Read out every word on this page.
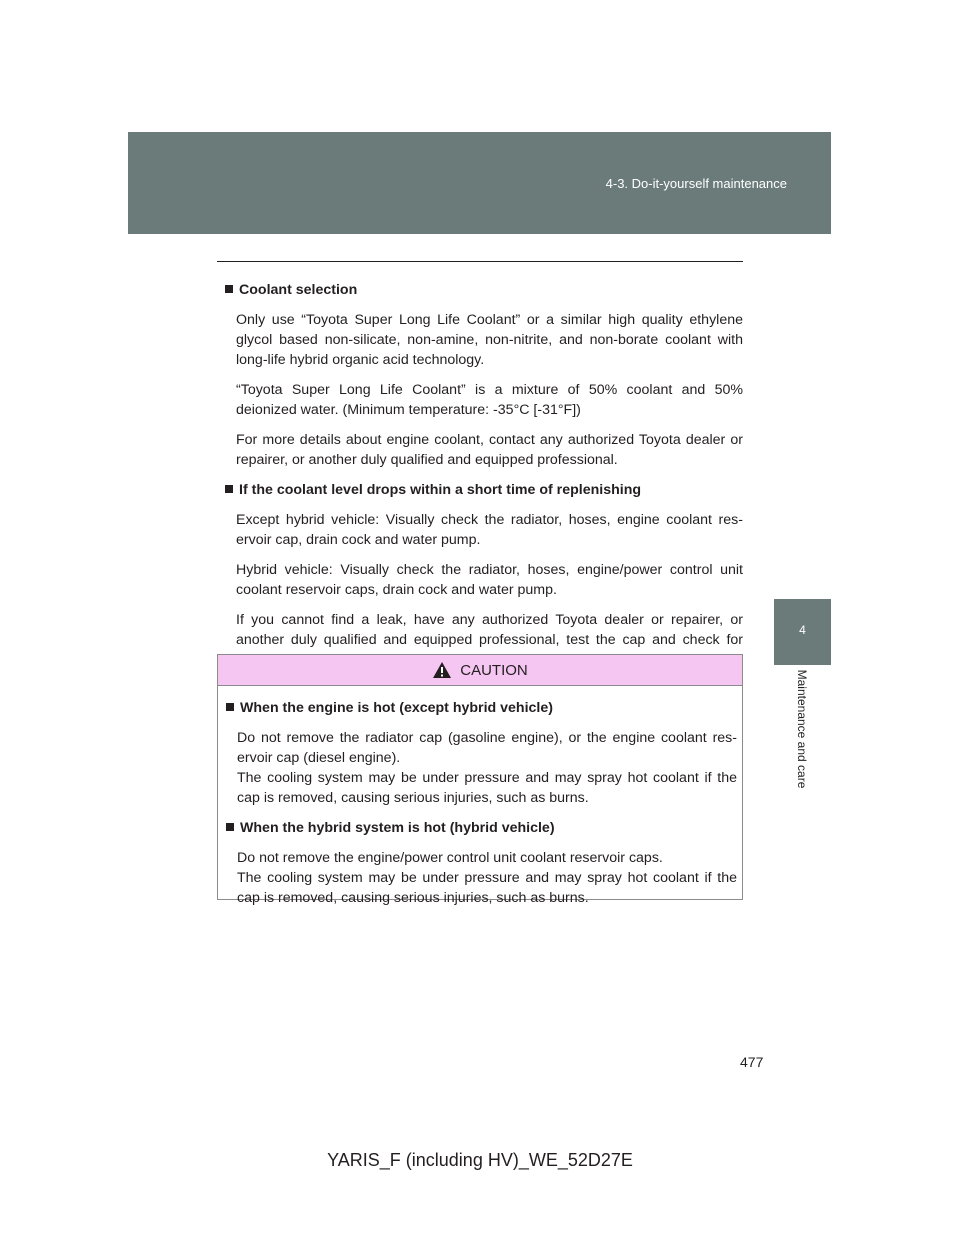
4-3. Do-it-yourself maintenance
4
Maintenance and care

Coolant selection

Only use “Toyota Super Long Life Coolant” or a similar high quality ethylene glycol based non-silicate, non-amine, non-nitrite, and non-borate coolant with long-life hybrid organic acid technology.

“Toyota Super Long Life Coolant” is a mixture of 50% coolant and 50% deionized water. (Minimum temperature: -35°C [-31°F])

For more details about engine coolant, contact any authorized Toyota dealer or repairer, or another duly qualified and equipped professional.

If the coolant level drops within a short time of replenishing

Except hybrid vehicle: Visually check the radiator, hoses, engine coolant res-ervoir cap, drain cock and water pump.

Hybrid vehicle: Visually check the radiator, hoses, engine/power control unit coolant reservoir caps, drain cock and water pump.

If you cannot find a leak, have any authorized Toyota dealer or repairer, or another duly qualified and equipped professional, test the cap and check for

CAUTION

When the engine is hot (except hybrid vehicle)

Do not remove the radiator cap (gasoline engine), or the engine coolant res-ervoir cap (diesel engine).
The cooling system may be under pressure and may spray hot coolant if the cap is removed, causing serious injuries, such as burns.

When the hybrid system is hot (hybrid vehicle)

Do not remove the engine/power control unit coolant reservoir caps.
The cooling system may be under pressure and may spray hot coolant if the cap is removed, causing serious injuries, such as burns.

477
YARIS_F (including HV)_WE_52D27E
